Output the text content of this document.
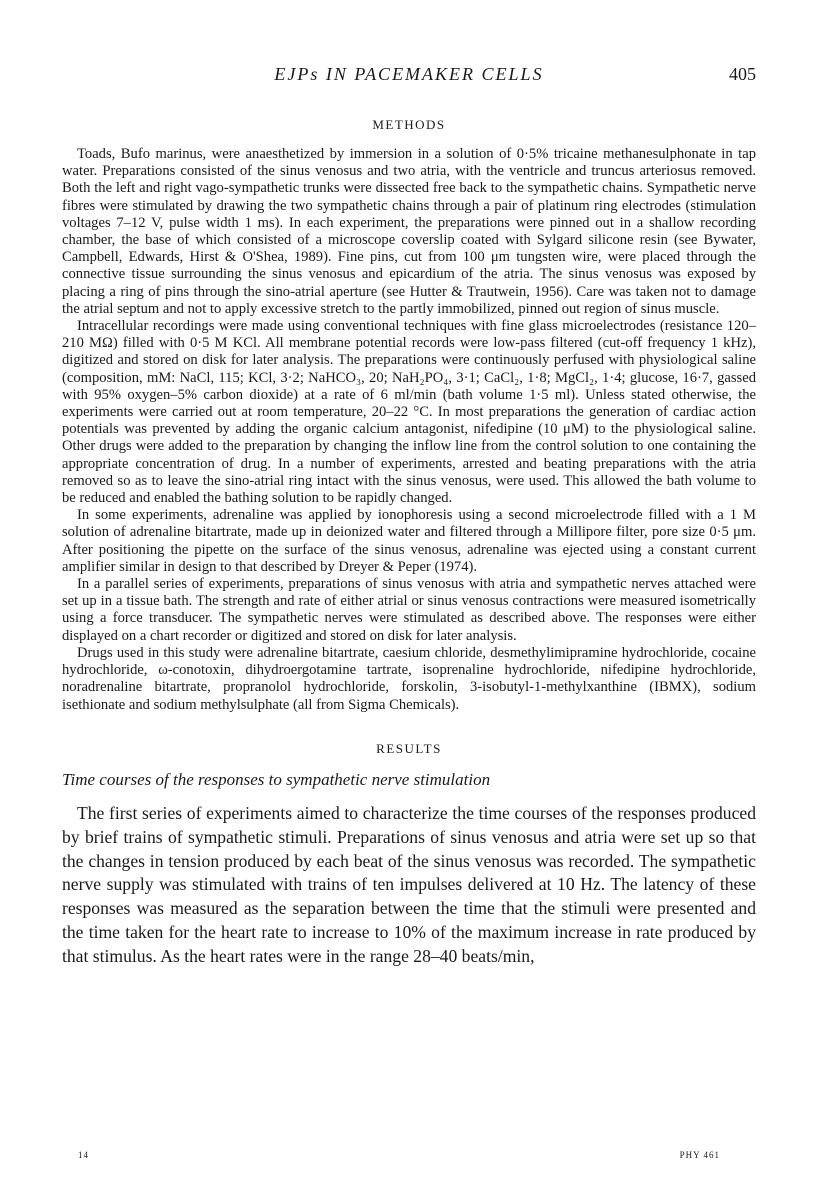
EJPs IN PACEMAKER CELLS	405
METHODS

Toads, Bufo marinus, were anaesthetized by immersion in a solution of 0·5% tricaine methanesulphonate in tap water. Preparations consisted of the sinus venosus and two atria, with the ventricle and truncus arteriosus removed. Both the left and right vago-sympathetic trunks were dissected free back to the sympathetic chains. Sympathetic nerve fibres were stimulated by drawing the two sympathetic chains through a pair of platinum ring electrodes (stimulation voltages 7–12 V, pulse width 1 ms). In each experiment, the preparations were pinned out in a shallow recording chamber, the base of which consisted of a microscope coverslip coated with Sylgard silicone resin (see Bywater, Campbell, Edwards, Hirst & O'Shea, 1989). Fine pins, cut from 100 μm tungsten wire, were placed through the connective tissue surrounding the sinus venosus and epicardium of the atria. The sinus venosus was exposed by placing a ring of pins through the sino-atrial aperture (see Hutter & Trautwein, 1956). Care was taken not to damage the atrial septum and not to apply excessive stretch to the partly immobilized, pinned out region of sinus muscle.

Intracellular recordings were made using conventional techniques with fine glass microelectrodes (resistance 120–210 MΩ) filled with 0·5 M KCl. All membrane potential records were low-pass filtered (cut-off frequency 1 kHz), digitized and stored on disk for later analysis. The preparations were continuously perfused with physiological saline (composition, mM: NaCl, 115; KCl, 3·2; NaHCO₃, 20; NaH₂PO₄, 3·1; CaCl₂, 1·8; MgCl₂, 1·4; glucose, 16·7, gassed with 95% oxygen–5% carbon dioxide) at a rate of 6 ml/min (bath volume 1·5 ml). Unless stated otherwise, the experiments were carried out at room temperature, 20–22 °C. In most preparations the generation of cardiac action potentials was prevented by adding the organic calcium antagonist, nifedipine (10 μM) to the physiological saline. Other drugs were added to the preparation by changing the inflow line from the control solution to one containing the appropriate concentration of drug. In a number of experiments, arrested and beating preparations with the atria removed so as to leave the sino-atrial ring intact with the sinus venosus, were used. This allowed the bath volume to be reduced and enabled the bathing solution to be rapidly changed.

In some experiments, adrenaline was applied by ionophoresis using a second microelectrode filled with a 1 M solution of adrenaline bitartrate, made up in deionized water and filtered through a Millipore filter, pore size 0·5 μm. After positioning the pipette on the surface of the sinus venosus, adrenaline was ejected using a constant current amplifier similar in design to that described by Dreyer & Peper (1974).

In a parallel series of experiments, preparations of sinus venosus with atria and sympathetic nerves attached were set up in a tissue bath. The strength and rate of either atrial or sinus venosus contractions were measured isometrically using a force transducer. The sympathetic nerves were stimulated as described above. The responses were either displayed on a chart recorder or digitized and stored on disk for later analysis.

Drugs used in this study were adrenaline bitartrate, caesium chloride, desmethylimipramine hydrochloride, cocaine hydrochloride, ω-conotoxin, dihydroergotamine tartrate, isoprenaline hydrochloride, nifedipine hydrochloride, noradrenaline bitartrate, propranolol hydrochloride, forskolin, 3-isobutyl-1-methylxanthine (IBMX), sodium isethionate and sodium methylsulphate (all from Sigma Chemicals).

RESULTS
Time courses of the responses to sympathetic nerve stimulation

The first series of experiments aimed to characterize the time courses of the responses produced by brief trains of sympathetic stimuli. Preparations of sinus venosus and atria were set up so that the changes in tension produced by each beat of the sinus venosus was recorded. The sympathetic nerve supply was stimulated with trains of ten impulses delivered at 10 Hz. The latency of these responses was measured as the separation between the time that the stimuli were presented and the time taken for the heart rate to increase to 10% of the maximum increase in rate produced by that stimulus. As the heart rates were in the range 28–40 beats/min,

14	PHY 461
